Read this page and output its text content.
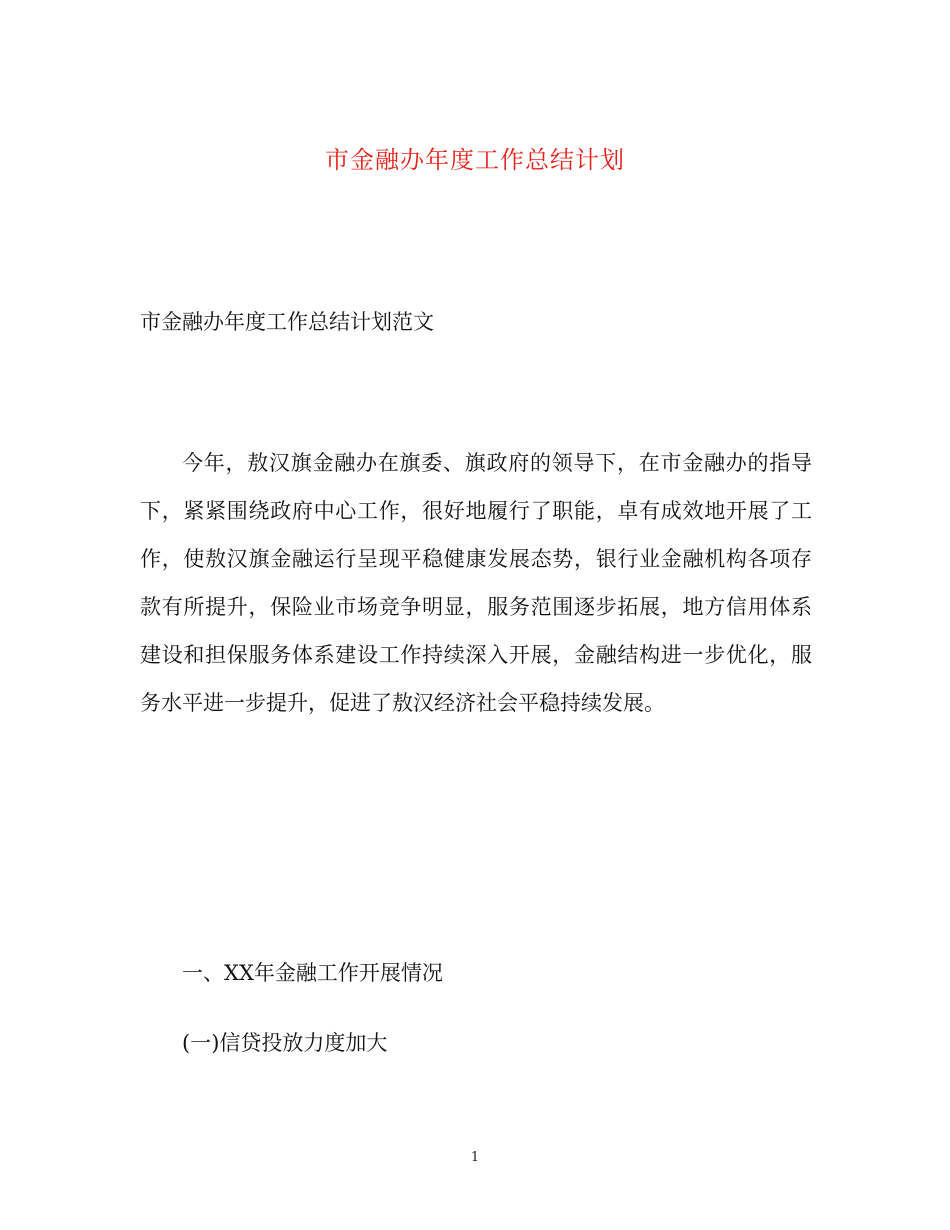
市金融办年度工作总结计划
市金融办年度工作总结计划范文
今年，敖汉旗金融办在旗委、旗政府的领导下，在市金融办的指导
下，紧紧围绕政府中心工作，很好地履行了职能，卓有成效地开展了工
作，使敖汉旗金融运行呈现平稳健康发展态势，银行业金融机构各项存
款有所提升，保险业市场竞争明显，服务范围逐步拓展，地方信用体系
建设和担保服务体系建设工作持续深入开展，金融结构进一步优化，服
务水平进一步提升，促进了敖汉经济社会平稳持续发展。
一、XX年金融工作开展情况
(一)信贷投放力度加大
1
